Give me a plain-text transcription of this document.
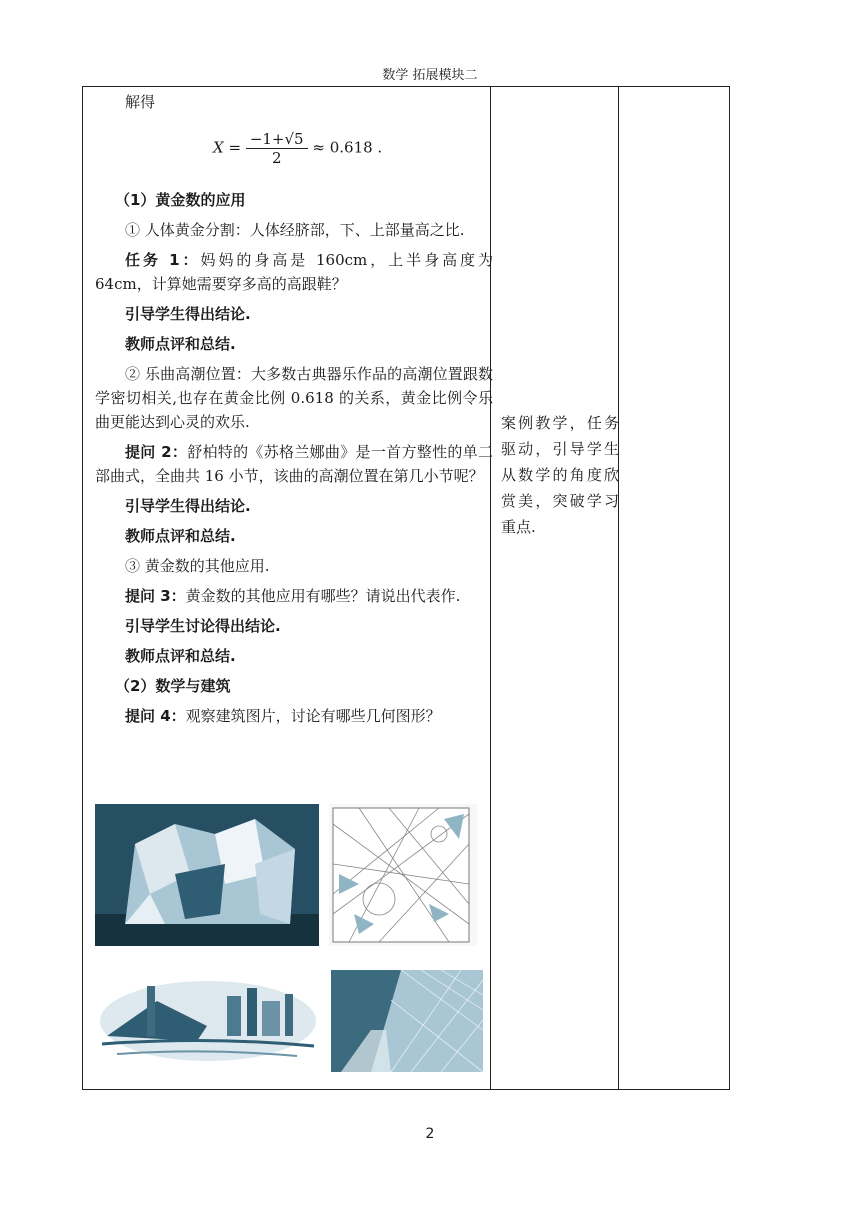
数学 拓展模块二

解得

（1）黄金数的应用

① 人体黄金分割：人体经脐部，下、上部量高之比.

任务 1：妈妈的身高是 160cm，上半身高度为 64cm，计算她需要穿多高的高跟鞋？

引导学生得出结论.

教师点评和总结.

② 乐曲高潮位置：大多数古典器乐作品的高潮位置跟数学密切相关,也存在黄金比例 0.618 的关系，黄金比例令乐曲更能达到心灵的欢乐.

提问 2：舒柏特的《苏格兰娜曲》是一首方整性的单二部曲式，全曲共 16 小节，该曲的高潮位置在第几小节呢？

引导学生得出结论.

教师点评和总结.

③ 黄金数的其他应用.

提问 3：黄金数的其他应用有哪些？请说出代表作.

引导学生讨论得出结论.

教师点评和总结.

（2）数学与建筑

提问 4：观察建筑图片，讨论有哪些几何图形？

$X = \frac{-1+√5}{2} \approx 0.618$ .
案例教学，任务驱动，引导学生从数学的角度欣赏美，突破学习重点.
2
